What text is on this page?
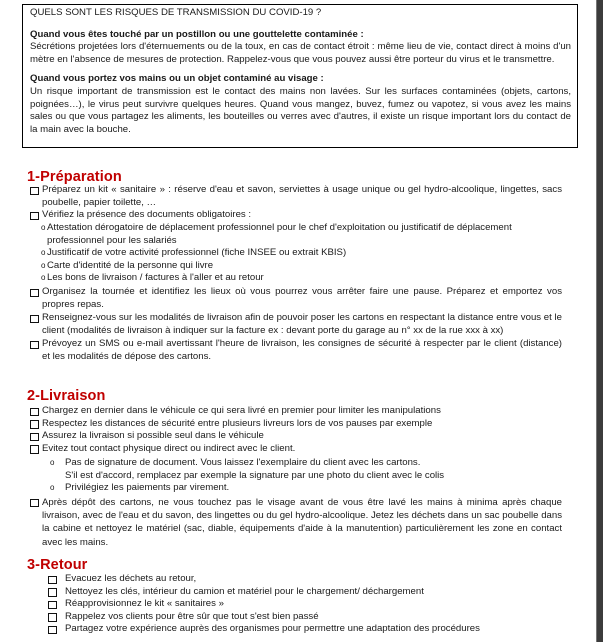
QUELS SONT LES RISQUES DE TRANSMISSION DU COVID-19 ?

Quand vous êtes touché par un postillon ou une gouttelette contaminée :

Sécrétions projetées lors d'éternuements ou de la toux, en cas de contact étroit : même lieu de vie, contact direct à moins d'un mètre en l'absence de mesures de protection. Rappelez-vous que vous pouvez aussi être porteur du virus et le transmettre.

Quand vous portez vos mains ou un objet contaminé au visage :

Un risque important de transmission est le contact des mains non lavées. Sur les surfaces contaminées (objets, cartons, poignées…), le virus peut survivre quelques heures. Quand vous mangez, buvez, fumez ou vapotez, si vous avez les mains sales ou que vous partagez les aliments, les bouteilles ou verres avec d'autres, il existe un risque important lors du contact de la main avec la bouche.

1-Préparation
Préparez un kit « sanitaire » : réserve d'eau et savon, serviettes à usage unique ou gel hydro-alcoolique, lingettes, sacs poubelle, papier toilette, …
Vérifiez la présence des documents obligatoires :
o Attestation dérogatoire de déplacement professionnel pour le chef d'exploitation ou justificatif de déplacement professionnel pour les salariés
o Justificatif de votre activité professionnel (fiche INSEE ou extrait KBIS)
o Carte d'identité de la personne qui livre
o Les bons de livraison / factures à l'aller et au retour
Organisez la tournée et identifiez les lieux où vous pourrez vous arrêter faire une pause. Préparez et emportez vos propres repas.
Renseignez-vous sur les modalités de livraison afin de pouvoir poser les cartons en respectant la distance entre vous et le client (modalités de livraison à indiquer sur la facture ex : devant porte du garage au n° xx de la rue xxx à xx)
Prévoyez un SMS ou e-mail avertissant l'heure de livraison, les consignes de sécurité à respecter par le client (distance) et les modalités de dépose des cartons.
2-Livraison
Chargez en dernier dans le véhicule ce qui sera livré en premier pour limiter les manipulations
Respectez les distances de sécurité entre plusieurs livreurs lors de vos pauses par exemple
Assurez la livraison si possible seul dans le véhicule
Evitez tout contact physique direct ou indirect avec le client.
o Pas de signature de document. Vous laissez l'exemplaire du client avec les cartons.
S'il est d'accord, remplacez par exemple la signature par une photo du client avec le colis
o Privilégiez les paiements par virement.
Après dépôt des cartons, ne vous touchez pas le visage avant de vous être lavé les mains à minima après chaque livraison, avec de l'eau et du savon, des lingettes ou du gel hydro-alcoolique. Jetez les déchets dans un sac poubelle dans la cabine et nettoyez le matériel (sac, diable, équipements d'aide à la manutention) particulièrement les zone en contact avec les mains.
3-Retour
Evacuez les déchets au retour,
Nettoyez les clés, intérieur du camion et matériel pour le chargement/ déchargement
Réapprovisionnez le kit « sanitaires »
Rappelez vos clients pour être sûr que tout s'est bien passé
Partagez votre expérience auprès des organismes pour permettre une adaptation des procédures
